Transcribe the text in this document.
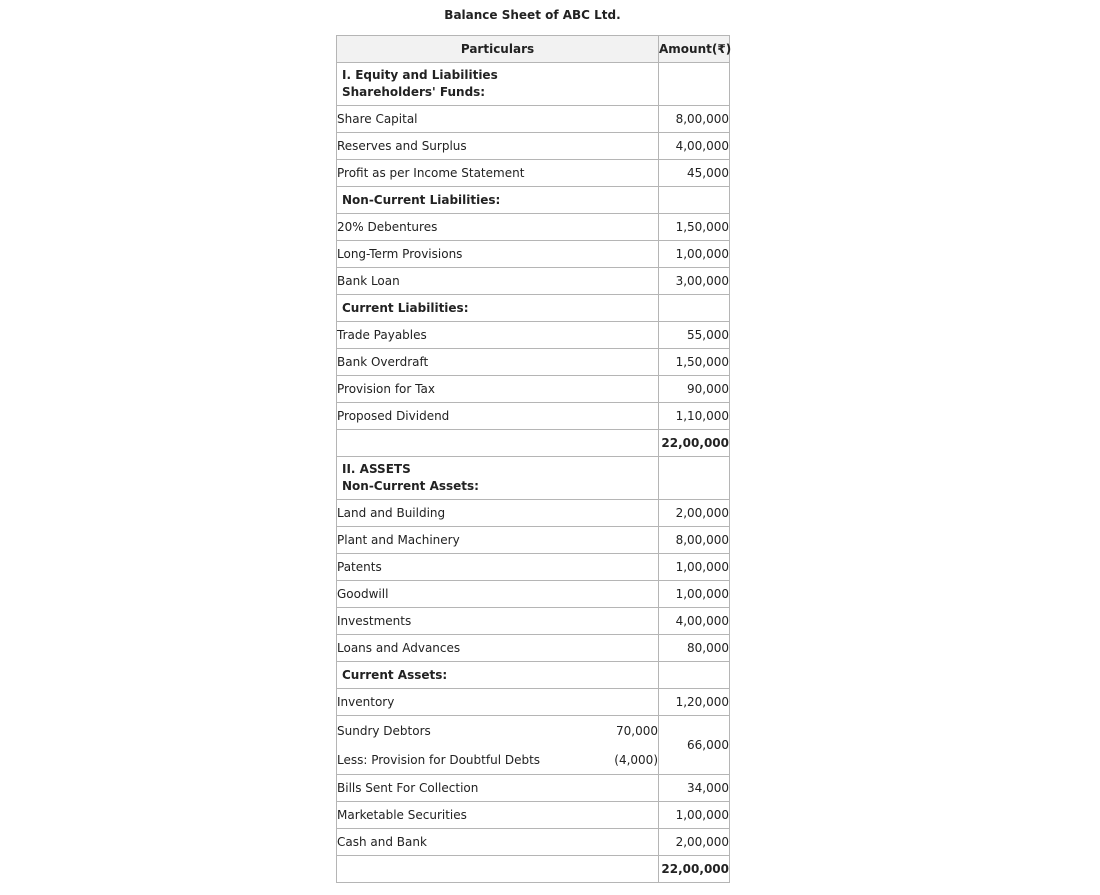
Balance Sheet of ABC Ltd.
Particulars	Amount(₹)

I. Equity and Liabilities
Shareholders' Funds:	

Share Capital	8,00,000
Reserves and Surplus	4,00,000
Profit as per Income Statement	45,000
Non-Current Liabilities:	
20% Debentures	1,50,000
Long-Term Provisions	1,00,000
Bank Loan	3,00,000
Current Liabilities:	
Trade Payables	55,000
Bank Overdraft	1,50,000
Provision for Tax	90,000
Proposed Dividend	1,10,000
	22,00,000

II. ASSETS
Non-Current Assets:	

Land and Building	2,00,000
Plant and Machinery	8,00,000
Patents	1,00,000
Goodwill	1,00,000
Investments	4,00,000
Loans and Advances	80,000
Current Assets:	
Inventory	1,20,000

Sundry Debtors 70,000
Less: Provision for Doubtful Debts (4,000)	66,000
Bills Sent For Collection	34,000
Marketable Securities	1,00,000
Cash and Bank	2,00,000
	22,00,000
